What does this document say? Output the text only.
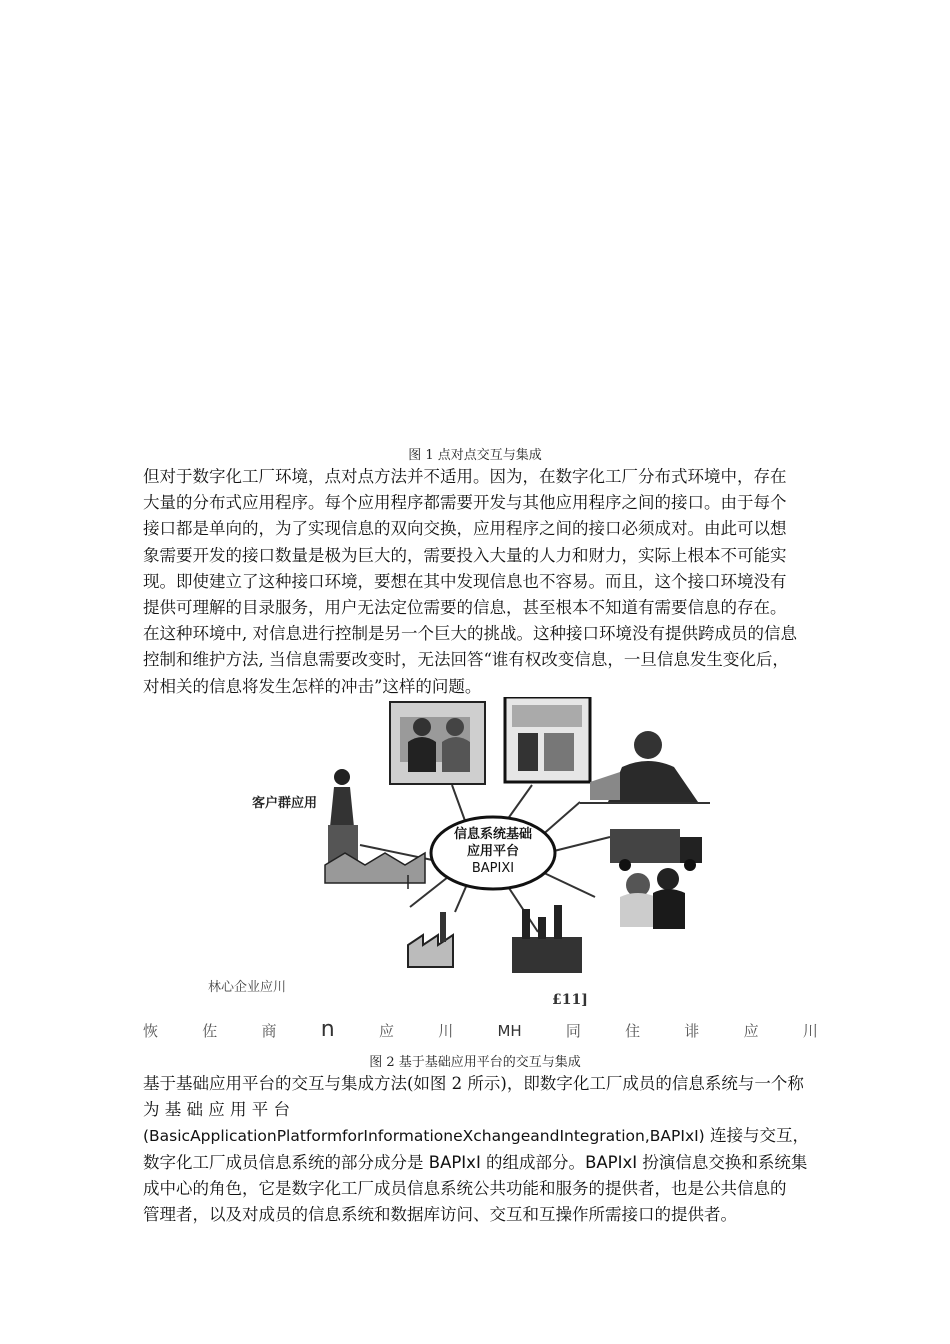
图 1 点对点交互与集成
但对于数字化工厂环境，点对点方法并不适用。因为，在数字化工厂分布式环境中，存在
大量的分布式应用程序。每个应用程序都需要开发与其他应用程序之间的接口。由于每个
接口都是单向的，为了实现信息的双向交换，应用程序之间的接口必须成对。由此可以想
象需要开发的接口数量是极为巨大的，需要投入大量的人力和财力，实际上根本不可能实
现。即使建立了这种接口环境，要想在其中发现信息也不容易。而且，这个接口环境没有
提供可理解的目录服务，用户无法定位需要的信息，甚至根本不知道有需要信息的存在。
在这种环境中, 对信息进行控制是另一个巨大的挑战。这种接口环境没有提供跨成员的信息
控制和维护方法, 当信息需要改变时，无法回答“谁有权改变信息，一旦信息发生变化后，
对相关的信息将发生怎样的冲击”这样的问题。
客户群应用
信息系统基础
应用平台
BAPIXI
林心企业应川
£11]
恢	佐	商 n	应	川	MH	同	住	诽	应	川
图 2 基于基础应用平台的交互与集成
基于基础应用平台的交互与集成方法(如图 2 所示)，即数字化工厂成员的信息系统与一个称
为 基 础 应 用 平 台
(BasicApplicationPlatformforInformationeXchangeandIntegration,BAPIxI) 连接与交互，
数字化工厂成员信息系统的部分成分是 BAPIxI 的组成部分。BAPIxI 扮演信息交换和系统集
成中心的角色，它是数字化工厂成员信息系统公共功能和服务的提供者，也是公共信息的
管理者，以及对成员的信息系统和数据库访问、交互和互操作所需接口的提供者。
